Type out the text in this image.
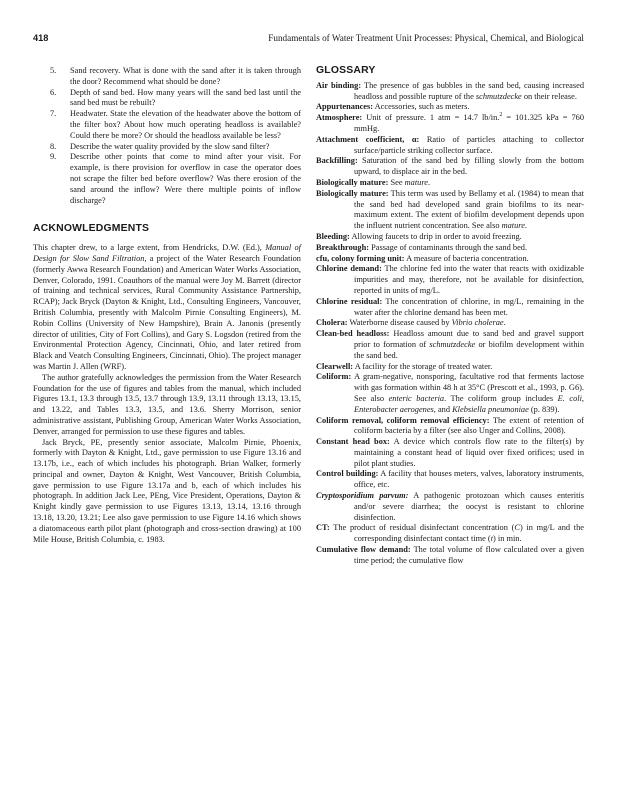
418	Fundamentals of Water Treatment Unit Processes: Physical, Chemical, and Biological
5. Sand recovery. What is done with the sand after it is taken through the door? Recommend what should be done?
6. Depth of sand bed. How many years will the sand bed last until the sand bed must be rebuilt?
7. Headwater. State the elevation of the headwater above the bottom of the filter box? About how much operating headloss is available? Could there be more? Or should the headloss available be less?
8. Describe the water quality provided by the slow sand filter?
9. Describe other points that come to mind after your visit. For example, is there provision for overflow in case the operator does not scrape the filter bed before overflow? Was there erosion of the sand around the inflow? Were there multiple points of inflow discharge?
ACKNOWLEDGMENTS

This chapter drew, to a large extent, from Hendricks, D.W. (Ed.), Manual of Design for Slow Sand Filtration, a project of the Water Research Foundation (formerly Awwa Research Foundation) and American Water Works Association, Denver, Colorado, 1991. Coauthors of the manual were Joy M. Barrett (director of training and technical services, Rural Community Assistance Partnership, RCAP); Jack Bryck (Dayton & Knight, Ltd., Consulting Engineers, Vancouver, British Columbia, presently with Malcolm Pirnie Consulting Engineers), M. Robin Collins (University of New Hampshire), Brain A. Janonis (presently director of utilities, City of Fort Collins), and Gary S. Logsdon (retired from the Environmental Protection Agency, Cincinnati, Ohio, and later retired from Black and Veatch Consulting Engineers, Cincinnati, Ohio). The project manager was Martin J. Allen (WRF).

The author gratefully acknowledges the permission from the Water Research Foundation for the use of figures and tables from the manual, which included Figures 13.1, 13.3 through 13.5, 13.7 through 13.9, 13.11 through 13.13, 13.15, and 13.22, and Tables 13.3, 13.5, and 13.6. Sherry Morrison, senior administrative assistant, Publishing Group, American Water Works Association, Denver, arranged for permission to use these figures and tables.

Jack Bryck, PE, presently senior associate, Malcolm Pirnie, Phoenix, formerly with Dayton & Knight, Ltd., gave permission to use Figure 13.16 and 13.17b, i.e., each of which includes his photograph. Brian Walker, formerly principal and owner, Dayton & Knight, West Vancouver, British Columbia, gave permission to use Figure 13.17a and b, each of which includes his photograph. In addition Jack Lee, PEng, Vice President, Operations, Dayton & Knight kindly gave permission to use Figures 13.13, 13.14, 13.16 through 13.18, 13.20, 13.21; Lee also gave permission to use Figure 14.16 which shows a diatomaceous earth pilot plant (photograph and cross-section drawing) at 100 Mile House, British Columbia, c. 1983.

GLOSSARY

Air binding: The presence of gas bubbles in the sand bed, causing increased headloss and possible rupture of the schmutzdecke on their release.

Appurtenances: Accessories, such as meters.

Atmosphere: Unit of pressure. 1 atm = 14.7 lb/in.$^2$ = 101.325 kPa = 760 mmHg.

Attachment coefficient, α: Ratio of particles attaching to collector surface/particle striking collector surface.

Backfilling: Saturation of the sand bed by filling slowly from the bottom upward, to displace air in the bed.

Biologically mature: See mature.

Biologically mature: This term was used by Bellamy et al. (1984) to mean that the sand bed had developed sand grain biofilms to its near-maximum extent. The extent of biofilm development depends upon the influent nutrient concentration. See also mature.

Bleeding: Allowing faucets to drip in order to avoid freezing.

Breakthrough: Passage of contaminants through the sand bed.

cfu, colony forming unit: A measure of bacteria concentration.

Chlorine demand: The chlorine fed into the water that reacts with oxidizable impurities and may, therefore, not be available for disinfection, reported in units of mg/L.

Chlorine residual: The concentration of chlorine, in mg/L, remaining in the water after the chlorine demand has been met.

Cholera: Waterborne disease caused by Vibrio cholerae.

Clean-bed headloss: Headloss amount due to sand bed and gravel support prior to formation of schmutzdecke or biofilm development within the sand bed.

Clearwell: A facility for the storage of treated water.

Coliform: A gram-negative, nonsporing, facultative rod that ferments lactose with gas formation within 48 h at 35°C (Prescott et al., 1993, p. G6). See also enteric bacteria. The coliform group includes E. coli, Enterobacter aerogenes, and Klebsiella pneumoniae (p. 839).

Coliform removal, coliform removal efficiency: The extent of retention of coliform bacteria by a filter (see also Unger and Collins, 2008).

Constant head box: A device which controls flow rate to the filter(s) by maintaining a constant head of liquid over fixed orifices; used in pilot plant studies.

Control building: A facility that houses meters, valves, laboratory instruments, office, etc.

Cryptosporidium parvum: A pathogenic protozoan which causes enteritis and/or severe diarrhea; the oocyst is resistant to chlorine disinfection.

CT: The product of residual disinfectant concentration (C) in mg/L and the corresponding disinfectant contact time (t) in min.

Cumulative flow demand: The total volume of flow calculated over a given time period; the cumulative flow
